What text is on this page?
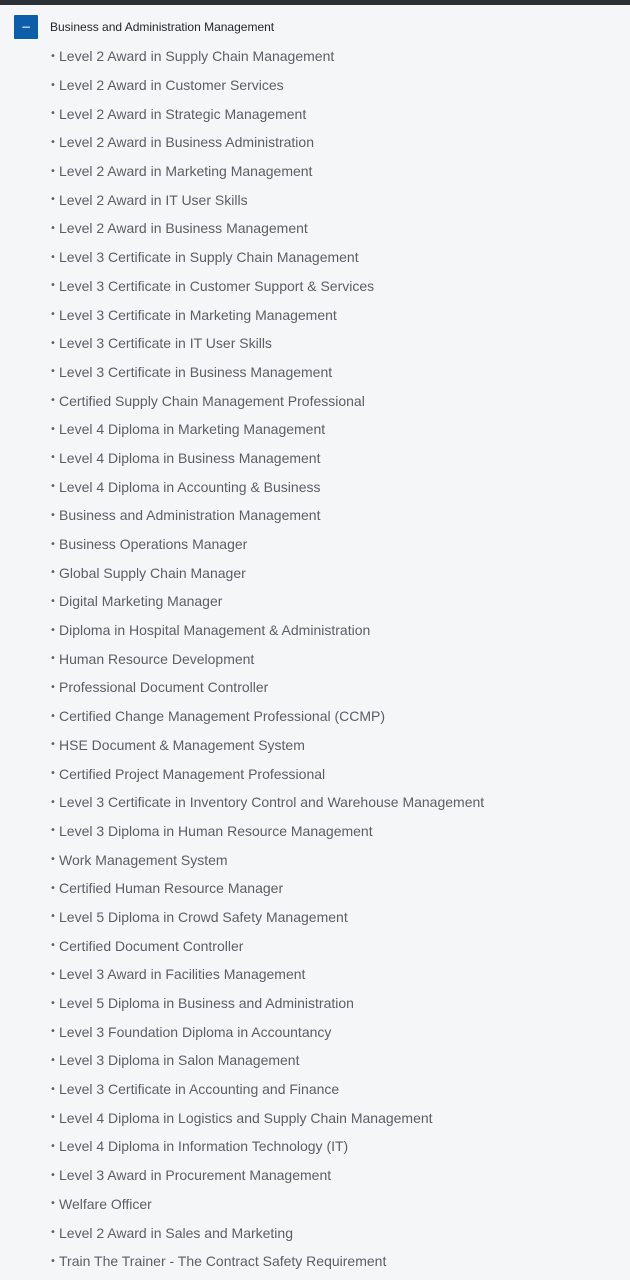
− Business and Administration Management
• Level 2 Award in Supply Chain Management
• Level 2 Award in Customer Services
• Level 2 Award in Strategic Management
• Level 2 Award in Business Administration
• Level 2 Award in Marketing Management
• Level 2 Award in IT User Skills
• Level 2 Award in Business Management
• Level 3 Certificate in Supply Chain Management
• Level 3 Certificate in Customer Support & Services
• Level 3 Certificate in Marketing Management
• Level 3 Certificate in IT User Skills
• Level 3 Certificate in Business Management
• Certified Supply Chain Management Professional
• Level 4 Diploma in Marketing Management
• Level 4 Diploma in Business Management
• Level 4 Diploma in Accounting & Business
• Business and Administration Management
• Business Operations Manager
• Global Supply Chain Manager
• Digital Marketing Manager
• Diploma in Hospital Management & Administration
• Human Resource Development
• Professional Document Controller
• Certified Change Management Professional (CCMP)
• HSE Document & Management System
• Certified Project Management Professional
• Level 3 Certificate in Inventory Control and Warehouse Management
• Level 3 Diploma in Human Resource Management
• Work Management System
• Certified Human Resource Manager
• Level 5 Diploma in Crowd Safety Management
• Certified Document Controller
• Level 3 Award in Facilities Management
• Level 5 Diploma in Business and Administration
• Level 3 Foundation Diploma in Accountancy
• Level 3 Diploma in Salon Management
• Level 3 Certificate in Accounting and Finance
• Level 4 Diploma in Logistics and Supply Chain Management
• Level 4 Diploma in Information Technology (IT)
• Level 3 Award in Procurement Management
• Welfare Officer
• Level 2 Award in Sales and Marketing
• Train The Trainer - The Contract Safety Requirement
